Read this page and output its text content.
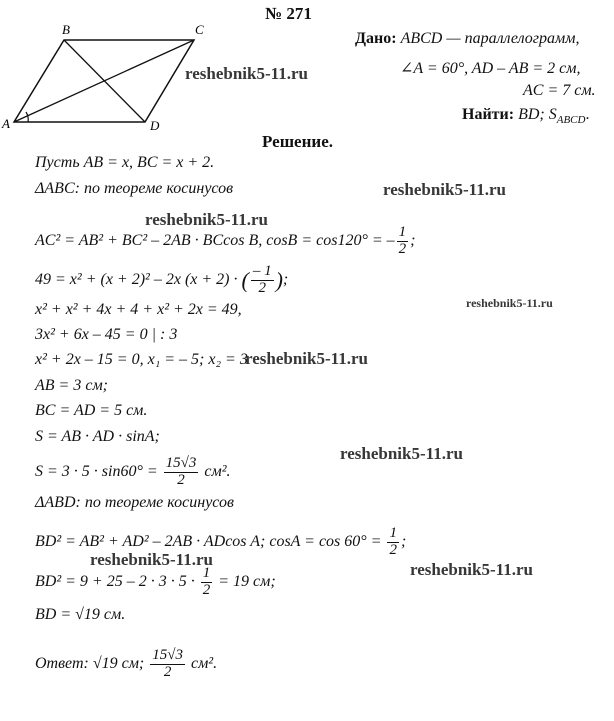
№ 271
B	C
A	D
Дано: ABCD — параллелограмм,
∠A = 60°, AD – AB = 2 см,
AC = 7 см.
Найти: BD; $S_{ABCD}$.
Решение.
Пусть AB = x, BC = x + 2.
ΔABC: по теореме косинусов
AC² = AB² + BC² – 2AB · BCcos B, cosB = cos120° = – $\frac{1}{2}$ ;
49 = x² + (x + 2)² – 2x (x + 2) · ( $\frac{- 1}{2}$ );
x² + x² + 4x + 4 + x² + 2x = 49,
3x² + 6x – 45 = 0 | : 3
x² + 2x – 15 = 0, x₁ = – 5; x₂ = 3
AB = 3 см;
BC = AD = 5 см.
S = AB · AD · sinA;
$S = 3 \cdot 5 \cdot \sin 60^\circ = \frac{15√3}{2} см^2$.
ΔABD: по теореме косинусов
BD² = AB² + AD² – 2AB · ADcos A; $\cos A = \cos 60^\circ = \frac{1}{2}$ ;
$BD^2 = 9 + 25 - 2 \cdot 3 \cdot 5 \cdot \frac{1}{2} = 19$ см;
BD = √19 см.
Ответ: √19 см; $\frac{15√3}{2} см^2$.
reshebnik5-11.ru
reshebnik5-11.ru
reshebnik5-11.ru
reshebnik5-11.ru
reshebnik5-11.ru
reshebnik5-11.ru
reshebnik5-11.ru
reshebnik5-11.ru
